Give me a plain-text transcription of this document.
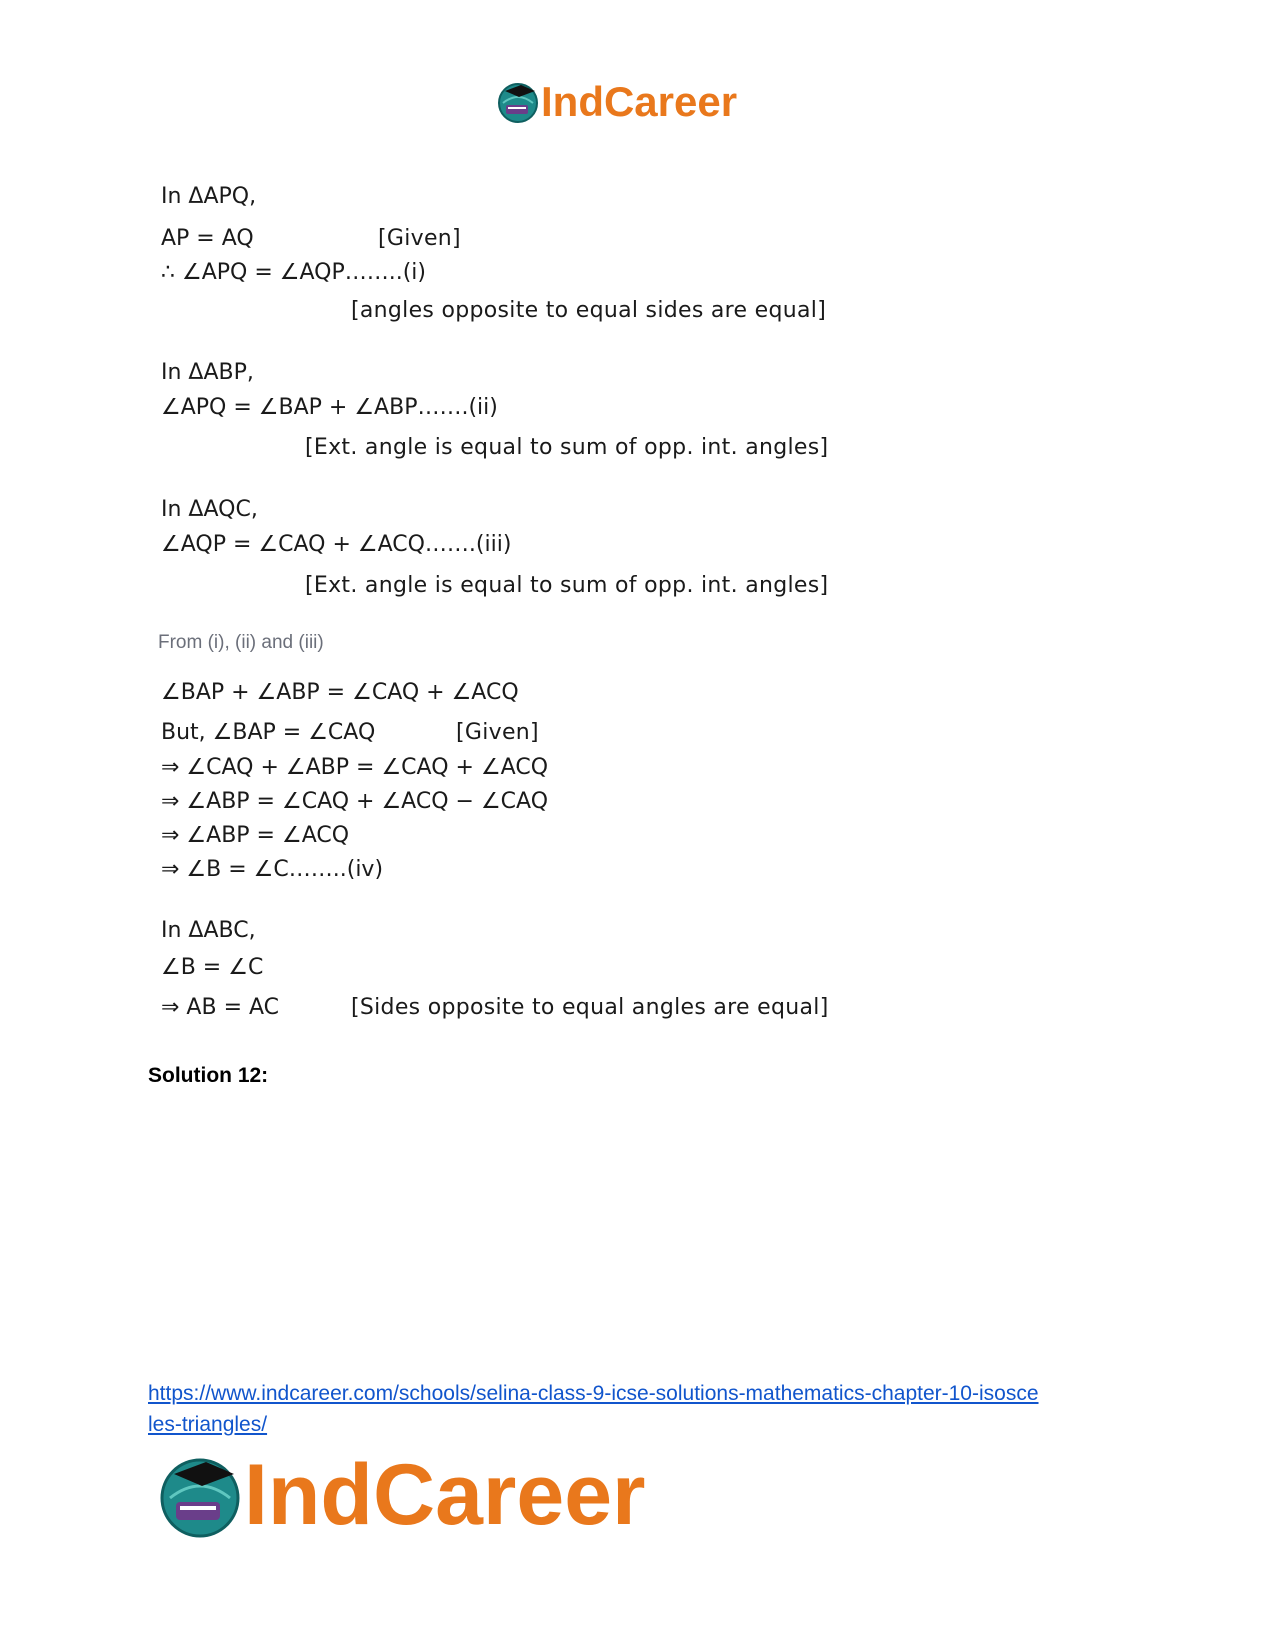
IndCareer
In ΔAPQ,
AP = AQ	[Given]
∴ ∠APQ = ∠AQP……..(i)
[angles opposite to equal sides are equal]
In ΔABP,
∠APQ = ∠BAP + ∠ABP…….(ii)
[Ext. angle is equal to sum of opp. int. angles]
In ΔAQC,
∠AQP = ∠CAQ + ∠ACQ…….(iii)
[Ext. angle is equal to sum of opp. int. angles]
From (i), (ii) and (iii)
∠BAP + ∠ABP = ∠CAQ + ∠ACQ
But, ∠BAP = ∠CAQ	[Given]
⇒ ∠CAQ + ∠ABP = ∠CAQ + ∠ACQ
⇒ ∠ABP = ∠CAQ + ∠ACQ − ∠CAQ
⇒ ∠ABP = ∠ACQ
⇒ ∠B = ∠C……..(iv)
In ΔABC,
∠B = ∠C
⇒ AB = AC	[Sides opposite to equal angles are equal]
Solution 12:
https://www.indcareer.com/schools/selina-class-9-icse-solutions-mathematics-chapter-10-isosce
les-triangles/
IndCareer
